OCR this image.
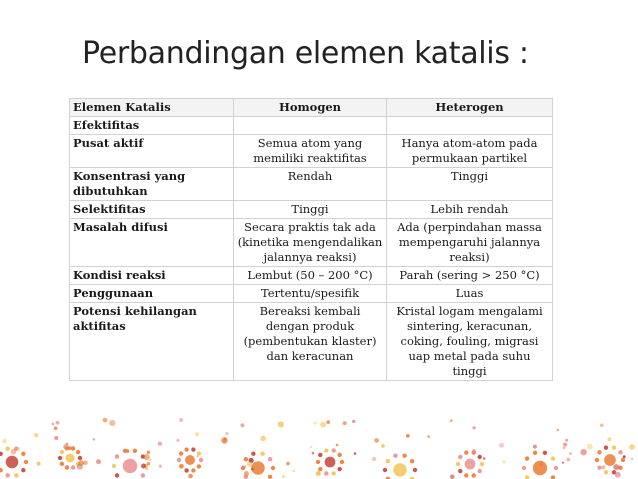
Perbandingan elemen katalis :
Elemen Katalis	Homogen	Heterogen
Efektifitas		
Pusat aktif	Semua atom yang memiliki reaktifitas	Hanya atom-atom pada permukaan partikel
Konsentrasi yang dibutuhkan	Rendah	Tinggi
Selektifitas	Tinggi	Lebih rendah
Masalah difusi	Secara praktis tak ada (kinetika mengendalikan jalannya reaksi)	Ada (perpindahan massa mempengaruhi jalannya reaksi)
Kondisi reaksi	Lembut (50 – 200 °C)	Parah (sering > 250 °C)
Penggunaan	Tertentu/spesifik	Luas
Potensi kehilangan aktifitas	Bereaksi kembali dengan produk (pembentukan klaster) dan keracunan	Kristal logam mengalami sintering, keracunan, coking, fouling, migrasi uap metal pada suhu tinggi
